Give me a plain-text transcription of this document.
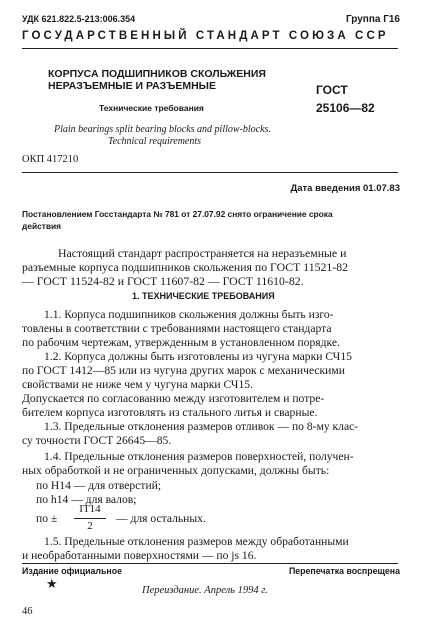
УДК 621.822.5-213:006.354	Группа Г16
ГОСУДАРСТВЕННЫЙ СТАНДАРТ СОЮЗА ССР
КОРПУСА ПОДШИПНИКОВ СКОЛЬЖЕНИЯ
НЕРАЗЪЕМНЫЕ И РАЗЪЕМНЫЕ
Технические требования
Plain bearings split bearing blocks and pillow-blocks.
Technical requirements
ГОСТ
25106—82
ОКП 417210
Дата введения 01.07.83
Постановлением Госстандарта № 781 от 27.07.92 снято ограничение срока
действия
Настоящий стандарт распространяется на неразъемные и
разъемные корпуса подшипников скольжения по ГОСТ 11521-82
— ГОСТ 11524-82 и ГОСТ 11607-82 — ГОСТ 11610-82.
1. ТЕХНИЧЕСКИЕ ТРЕБОВАНИЯ
1.1. Корпуса подшипников скольжения должны быть изго-
товлены в соответствии с требованиями настоящего стандарта
по рабочим чертежам, утвержденным в установленном порядке.
1.2. Корпуса должны быть изготовлены из чугуна марки СЧ15
по ГОСТ 1412—85 или из чугуна других марок с механическими
свойствами не ниже чем у чугуна марки СЧ15.
Допускается по согласованию между изготовителем и потре-
бителем корпуса изготовлять из стального литья и сварные.
1.3. Предельные отклонения размеров отливок — по 8-му клас-
су точности ГОСТ 26645—85.
1.4. Предельные отклонения размеров поверхностей, получен-
ных обработкой и не ограниченных допусками, должны быть:
по Н14 — для отверстий;
по h14 — для валов;
по ±
IT14
2
— для остальных.
1.5. Предельные отклонения размеров между обработанными
и необработанными поверхностями — по js 16.
Издание официальное	Перепечатка воспрещена
★	Переиздание. Апрель 1994 г.
46
